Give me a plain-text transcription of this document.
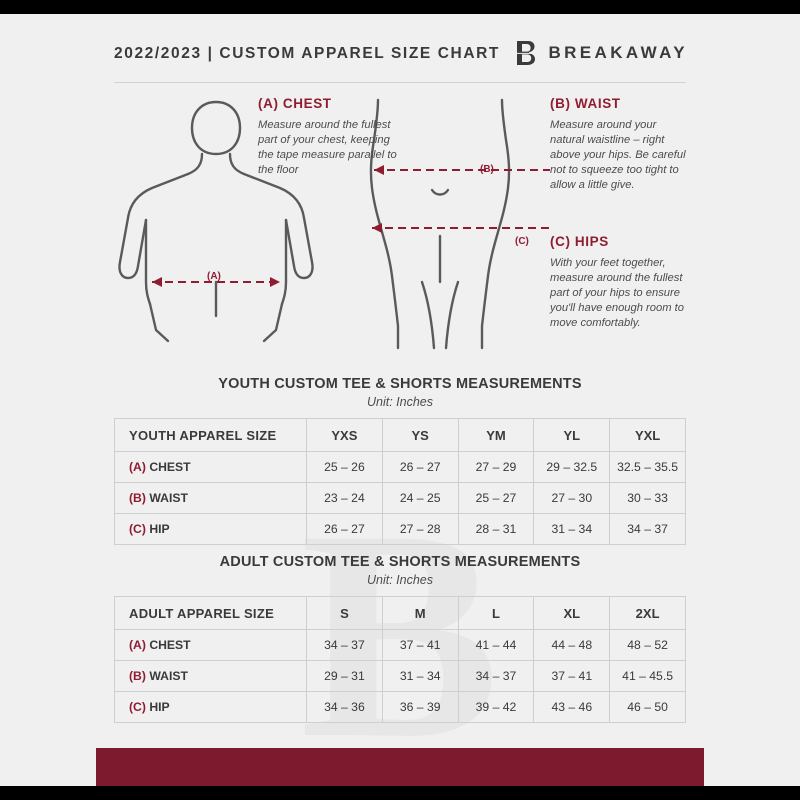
2022/2023 | CUSTOM APPAREL SIZE CHART	BREAKAWAY
(A)
(B)
(C)
(A) CHEST

Measure around the fullest part of your chest, keeping the tape measure parallel to the floor

(B) WAIST

Measure around your natural waistline – right above your hips. Be careful not to squeeze too tight to allow a little give.

(C) HIPS

With your feet together, measure around the fullest part of your hips to ensure you'll have enough room to move comfortably.

YOUTH CUSTOM TEE & SHORTS MEASUREMENTS
Unit: Inches
YOUTH APPAREL SIZE	YXS	YS	YM	YL	YXL
(A) CHEST	25 – 26	26 – 27	27 – 29	29 – 32.5	32.5 – 35.5
(B) WAIST	23 – 24	24 – 25	25 – 27	27 – 30	30 – 33
(C) HIP	26 – 27	27 – 28	28 – 31	31 – 34	34 – 37
ADULT CUSTOM TEE & SHORTS MEASUREMENTS
Unit: Inches
ADULT APPAREL SIZE	S	M	L	XL	2XL
(A) CHEST	34 – 37	37 – 41	41 – 44	44 – 48	48 – 52
(B) WAIST	29 – 31	31 – 34	34 – 37	37 – 41	41 – 45.5
(C) HIP	34 – 36	36 – 39	39 – 42	43 – 46	46 – 50
